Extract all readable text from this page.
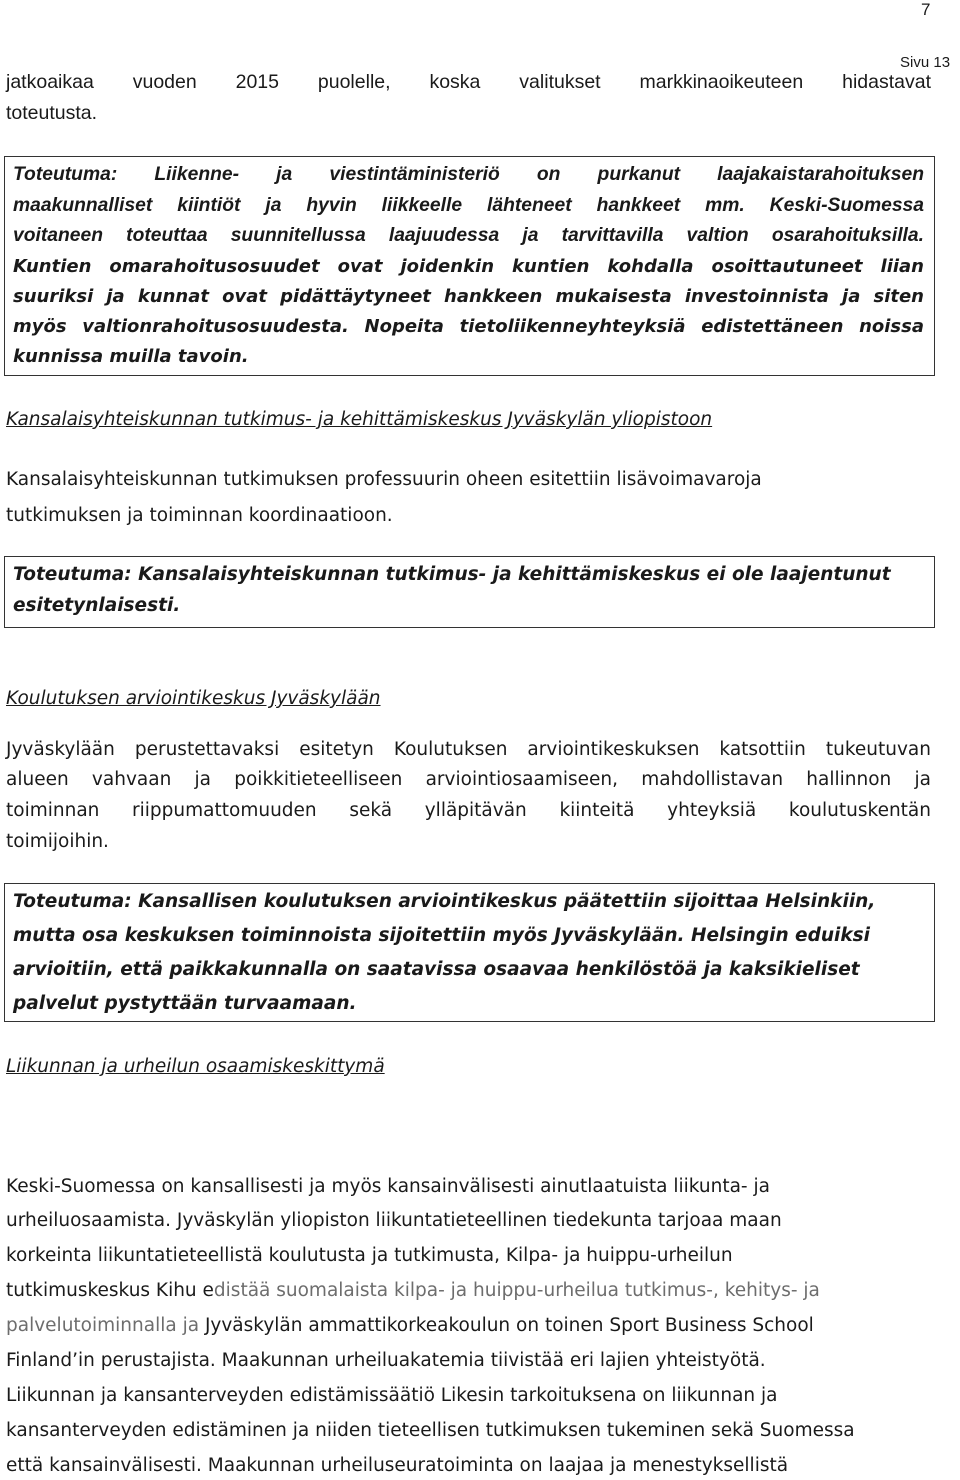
7
Sivu 13
jatkoaikaa vuoden 2015 puolelle, koska valitukset markkinaoikeuteen hidastavat
toteutusta.
Toteutuma: Liikenne- ja viestintäministeriö on purkanut laajakaistarahoituksen
maakunnalliset kiintiöt ja hyvin liikkeelle lähteneet hankkeet mm. Keski-Suomessa
voitaneen toteuttaa suunnitellussa laajuudessa ja tarvittavilla valtion osarahoituksilla.
Kuntien omarahoitusosuudet ovat joidenkin kuntien kohdalla osoittautuneet liian
suuriksi ja kunnat ovat pidättäytyneet hankkeen mukaisesta investoinnista ja siten
myös valtionrahoitusosuudesta. Nopeita tietoliikenneyhteyksiä edistettäneen noissa
kunnissa muilla tavoin.
Kansalaisyhteiskunnan tutkimus- ja kehittämiskeskus Jyväskylän yliopistoon
Kansalaisyhteiskunnan tutkimuksen professuurin oheen esitettiin lisävoimavaroja
tutkimuksen ja toiminnan koordinaatioon.
Toteutuma: Kansalaisyhteiskunnan tutkimus- ja kehittämiskeskus ei ole laajentunut
esitetynlaisesti.
Koulutuksen arviointikeskus Jyväskylään
Jyväskylään perustettavaksi esitetyn Koulutuksen arviointikeskuksen katsottiin tukeutuvan
alueen vahvaan ja poikkitieteelliseen arviointiosaamiseen, mahdollistavan hallinnon ja
toiminnan riippumattomuuden sekä ylläpitävän kiinteitä yhteyksiä koulutuskentän
toimijoihin.
Toteutuma: Kansallisen koulutuksen arviointikeskus päätettiin sijoittaa Helsinkiin,
mutta osa keskuksen toiminnoista sijoitettiin myös Jyväskylään. Helsingin eduiksi
arvioitiin, että paikkakunnalla on saatavissa osaavaa henkilöstöä ja kaksikieliset
palvelut pystyttään turvaamaan.
Liikunnan ja urheilun osaamiskeskittymä
Keski-Suomessa on kansallisesti ja myös kansainvälisesti ainutlaatuista liikunta- ja
urheiluosaamista. Jyväskylän yliopiston liikuntatieteellinen tiedekunta tarjoaa maan
korkeinta liikuntatieteellistä koulutusta ja tutkimusta, Kilpa- ja huippu-urheilun
tutkimuskeskus Kihu edistää suomalaista kilpa- ja huippu-urheilua tutkimus-, kehitys- ja
palvelutoiminnalla ja Jyväskylän ammattikorkeakoulun on toinen Sport Business School
Finland’in perustajista. Maakunnan urheiluakatemia tiivistää eri lajien yhteistyötä.
Liikunnan ja kansanterveyden edistämissäätiö Likesin tarkoituksena on liikunnan ja
kansanterveyden edistäminen ja niiden tieteellisen tutkimuksen tukeminen sekä Suomessa
että kansainvälisesti. Maakunnan urheiluseuratoiminta on laajaa ja menestyksellistä
